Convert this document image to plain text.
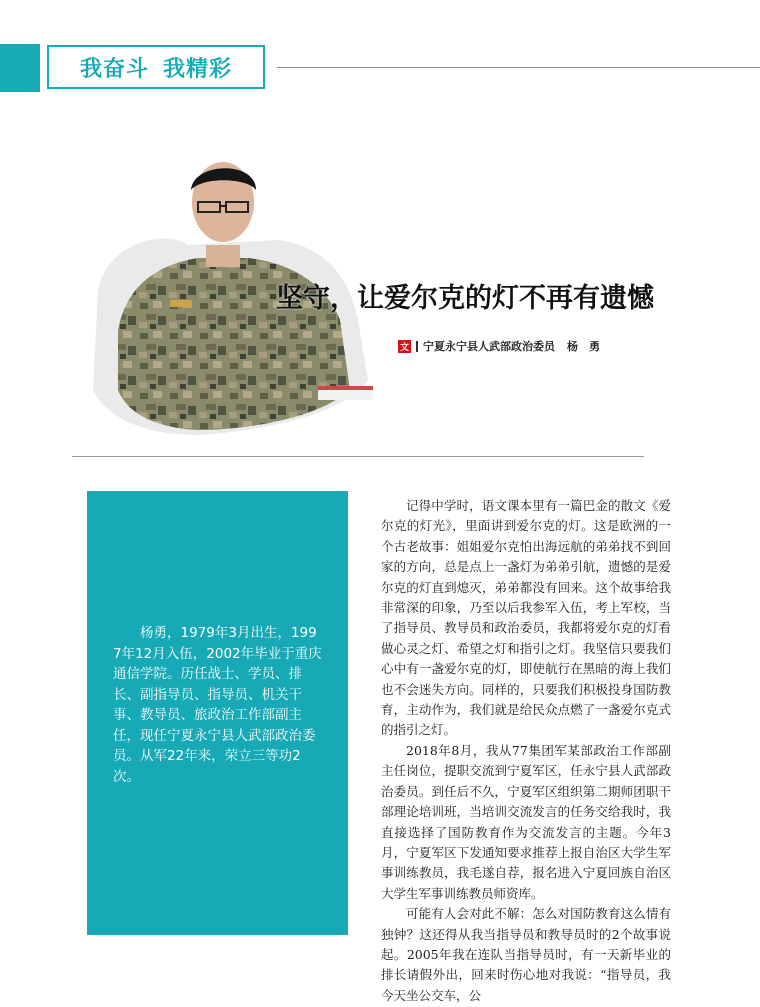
我奋斗 我精彩
坚守，让爱尔克的灯不再有遗憾
文 宁夏永宁县人武部政治委员 杨　勇

杨勇，1979年3月出生，1997年12月入伍，2002年毕业于重庆通信学院。历任战士、学员、排长、副指导员、指导员、机关干事、教导员、旅政治工作部副主任，现任宁夏永宁县人武部政治委员。从军22年来，荣立三等功2次。

记得中学时，语文课本里有一篇巴金的散文《爱尔克的灯光》，里面讲到爱尔克的灯。这是欧洲的一个古老故事：姐姐爱尔克怕出海远航的弟弟找不到回家的方向，总是点上一盏灯为弟弟引航，遗憾的是爱尔克的灯直到熄灭，弟弟都没有回来。这个故事给我非常深的印象，乃至以后我参军入伍，考上军校，当了指导员、教导员和政治委员，我都将爱尔克的灯看做心灵之灯、希望之灯和指引之灯。我坚信只要我们心中有一盏爱尔克的灯，即使航行在黑暗的海上我们也不会迷失方向。同样的，只要我们积极投身国防教育，主动作为，我们就是给民众点燃了一盏爱尔克式的指引之灯。

2018年8月，我从77集团军某部政治工作部副主任岗位，提职交流到宁夏军区，任永宁县人武部政治委员。到任后不久，宁夏军区组织第二期师团职干部理论培训班，当培训交流发言的任务交给我时，我直接选择了国防教育作为交流发言的主题。今年3月，宁夏军区下发通知要求推荐上报自治区大学生军事训练教员，我毛遂自荐，报名进入宁夏回族自治区大学生军事训练教员师资库。

可能有人会对此不解：怎么对国防教育这么情有独钟？这还得从我当指导员和教导员时的2个故事说起。2005年我在连队当指导员时，有一天新毕业的排长请假外出，回来时伤心地对我说：“指导员，我今天坐公交车，公
